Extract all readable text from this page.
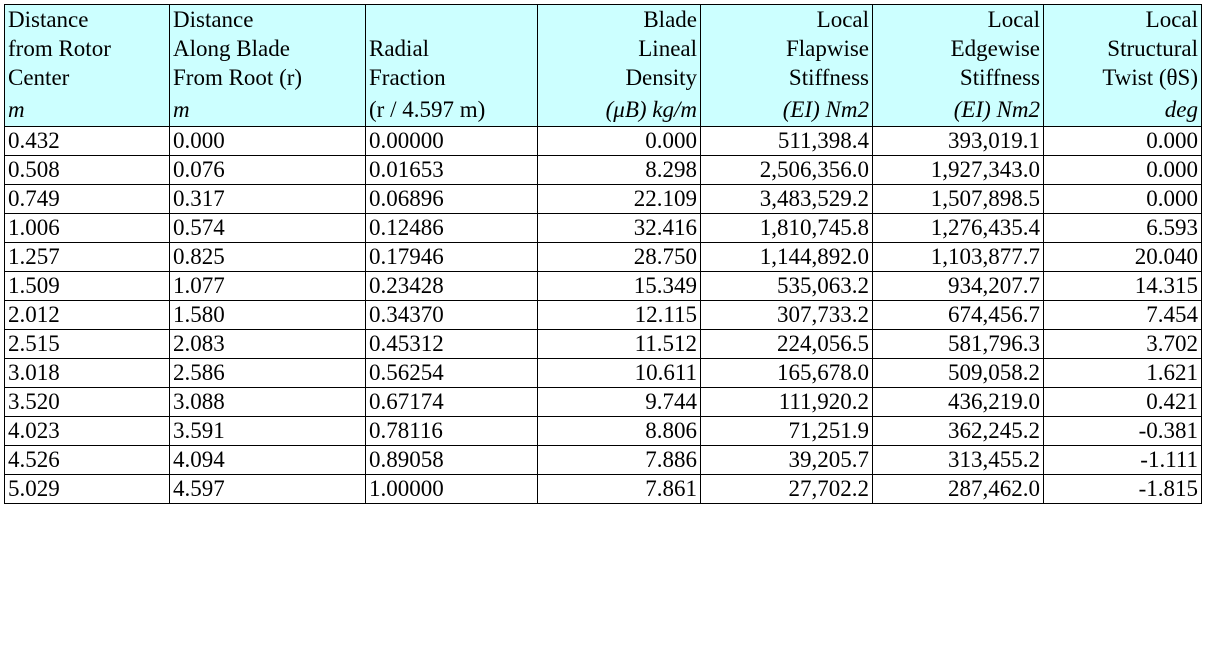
Distance	Distance		Blade	Local	Local	Local
from Rotor	Along Blade	Radial	Lineal	Flapwise	Edgewise	Structural
Center	From Root (r)	Fraction	Density	Stiffness	Stiffness	Twist (θS)
m	m	(r / 4.597 m)	(μB) kg/m	(EI) Nm2	(EI) Nm2	deg
0.432	0.000	0.00000	0.000	511,398.4	393,019.1	0.000
0.508	0.076	0.01653	8.298	2,506,356.0	1,927,343.0	0.000
0.749	0.317	0.06896	22.109	3,483,529.2	1,507,898.5	0.000
1.006	0.574	0.12486	32.416	1,810,745.8	1,276,435.4	6.593
1.257	0.825	0.17946	28.750	1,144,892.0	1,103,877.7	20.040
1.509	1.077	0.23428	15.349	535,063.2	934,207.7	14.315
2.012	1.580	0.34370	12.115	307,733.2	674,456.7	7.454
2.515	2.083	0.45312	11.512	224,056.5	581,796.3	3.702
3.018	2.586	0.56254	10.611	165,678.0	509,058.2	1.621
3.520	3.088	0.67174	9.744	111,920.2	436,219.0	0.421
4.023	3.591	0.78116	8.806	71,251.9	362,245.2	-0.381
4.526	4.094	0.89058	7.886	39,205.7	313,455.2	-1.111
5.029	4.597	1.00000	7.861	27,702.2	287,462.0	-1.815
